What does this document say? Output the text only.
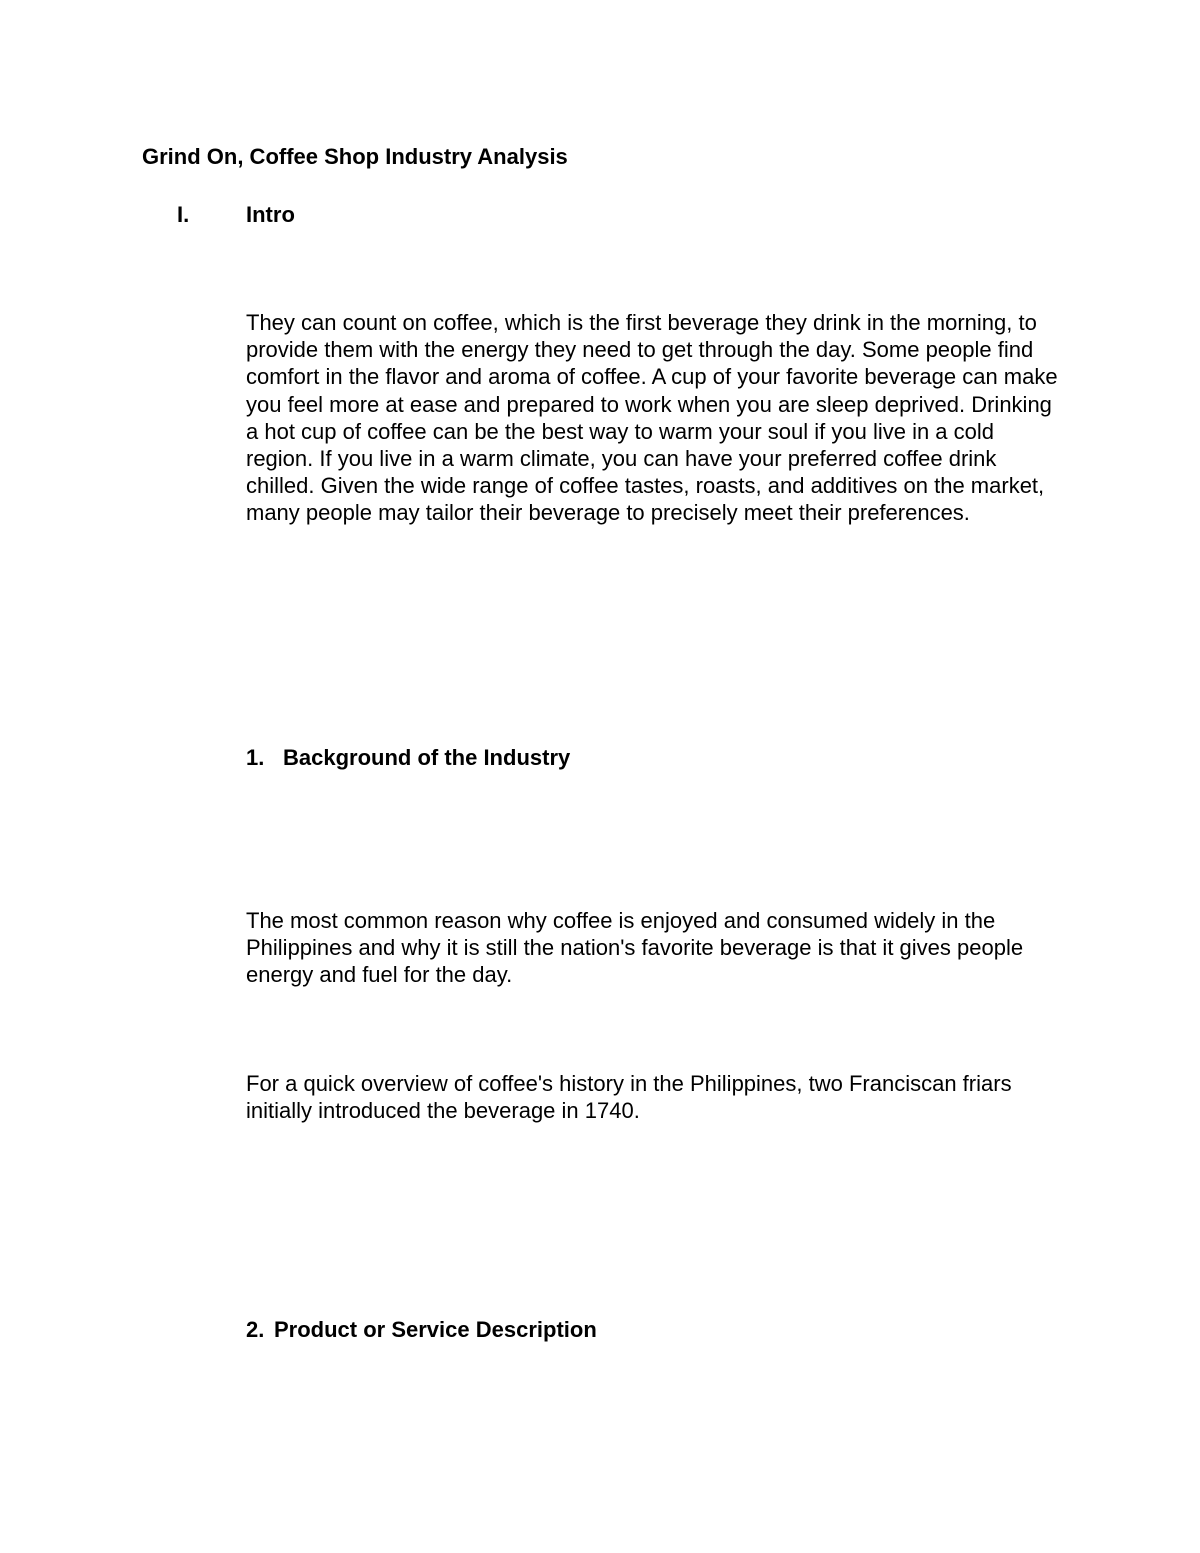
Grind On, Coffee Shop Industry Analysis
I.	Intro

They can count on coffee, which is the first beverage they drink in the morning, to provide them with the energy they need to get through the day. Some people find comfort in the flavor and aroma of coffee. A cup of your favorite beverage can make you feel more at ease and prepared to work when you are sleep deprived. Drinking a hot cup of coffee can be the best way to warm your soul if you live in a cold region. If you live in a warm climate, you can have your preferred coffee drink chilled. Given the wide range of coffee tastes, roasts, and additives on the market, many people may tailor their beverage to precisely meet their preferences.

1. Background of the Industry

The most common reason why coffee is enjoyed and consumed widely in the Philippines and why it is still the nation's favorite beverage is that it gives people energy and fuel for the day.

For a quick overview of coffee's history in the Philippines, two Franciscan friars initially introduced the beverage in 1740.

2. Product or Service Description
